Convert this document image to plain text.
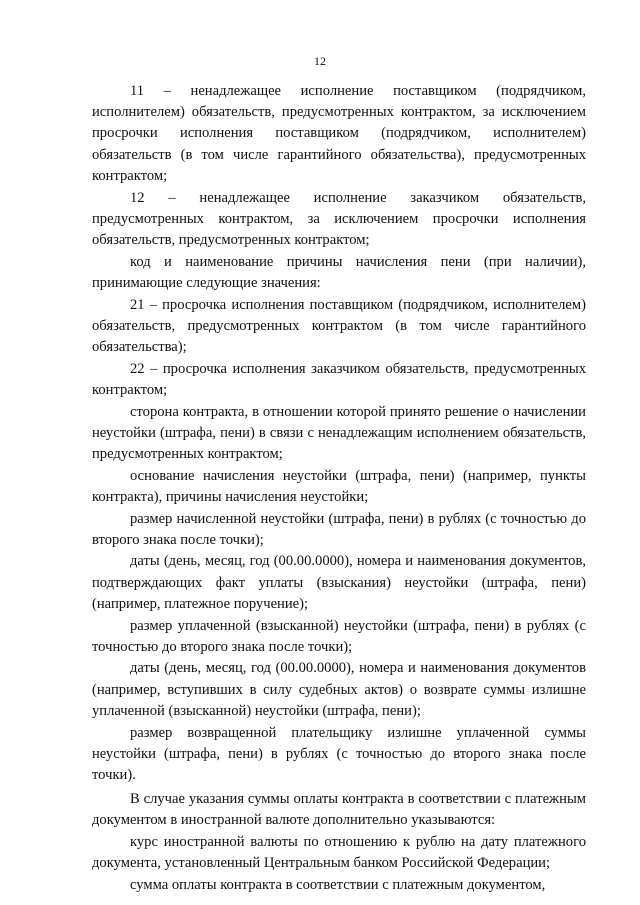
12

11 – ненадлежащее исполнение поставщиком (подрядчиком, исполнителем) обязательств, предусмотренных контрактом, за исключением просрочки исполнения поставщиком (подрядчиком, исполнителем) обязательств (в том числе гарантийного обязательства), предусмотренных контрактом;

12 – ненадлежащее исполнение заказчиком обязательств, предусмотренных контрактом, за исключением просрочки исполнения обязательств, предусмотренных контрактом;

код и наименование причины начисления пени (при наличии), принимающие следующие значения:

21 – просрочка исполнения поставщиком (подрядчиком, исполнителем) обязательств, предусмотренных контрактом (в том числе гарантийного обязательства);

22 – просрочка исполнения заказчиком обязательств, предусмотренных контрактом;

сторона контракта, в отношении которой принято решение о начислении неустойки (штрафа, пени) в связи с ненадлежащим исполнением обязательств, предусмотренных контрактом;

основание начисления неустойки (штрафа, пени) (например, пункты контракта), причины начисления неустойки;

размер начисленной неустойки (штрафа, пени) в рублях (с точностью до второго знака после точки);

даты (день, месяц, год (00.00.0000), номера и наименования документов, подтверждающих факт уплаты (взыскания) неустойки (штрафа, пени) (например, платежное поручение);

размер уплаченной (взысканной) неустойки (штрафа, пени) в рублях (с точностью до второго знака после точки);

даты (день, месяц, год (00.00.0000), номера и наименования документов (например, вступивших в силу судебных актов) о возврате суммы излишне уплаченной (взысканной) неустойки (штрафа, пени);

размер возвращенной плательщику излишне уплаченной суммы неустойки (штрафа, пени) в рублях (с точностью до второго знака после точки).

В случае указания суммы оплаты контракта в соответствии с платежным документом в иностранной валюте дополнительно указываются:

курс иностранной валюты по отношению к рублю на дату платежного документа, установленный Центральным банком Российской Федерации;

сумма оплаты контракта в соответствии с платежным документом,
